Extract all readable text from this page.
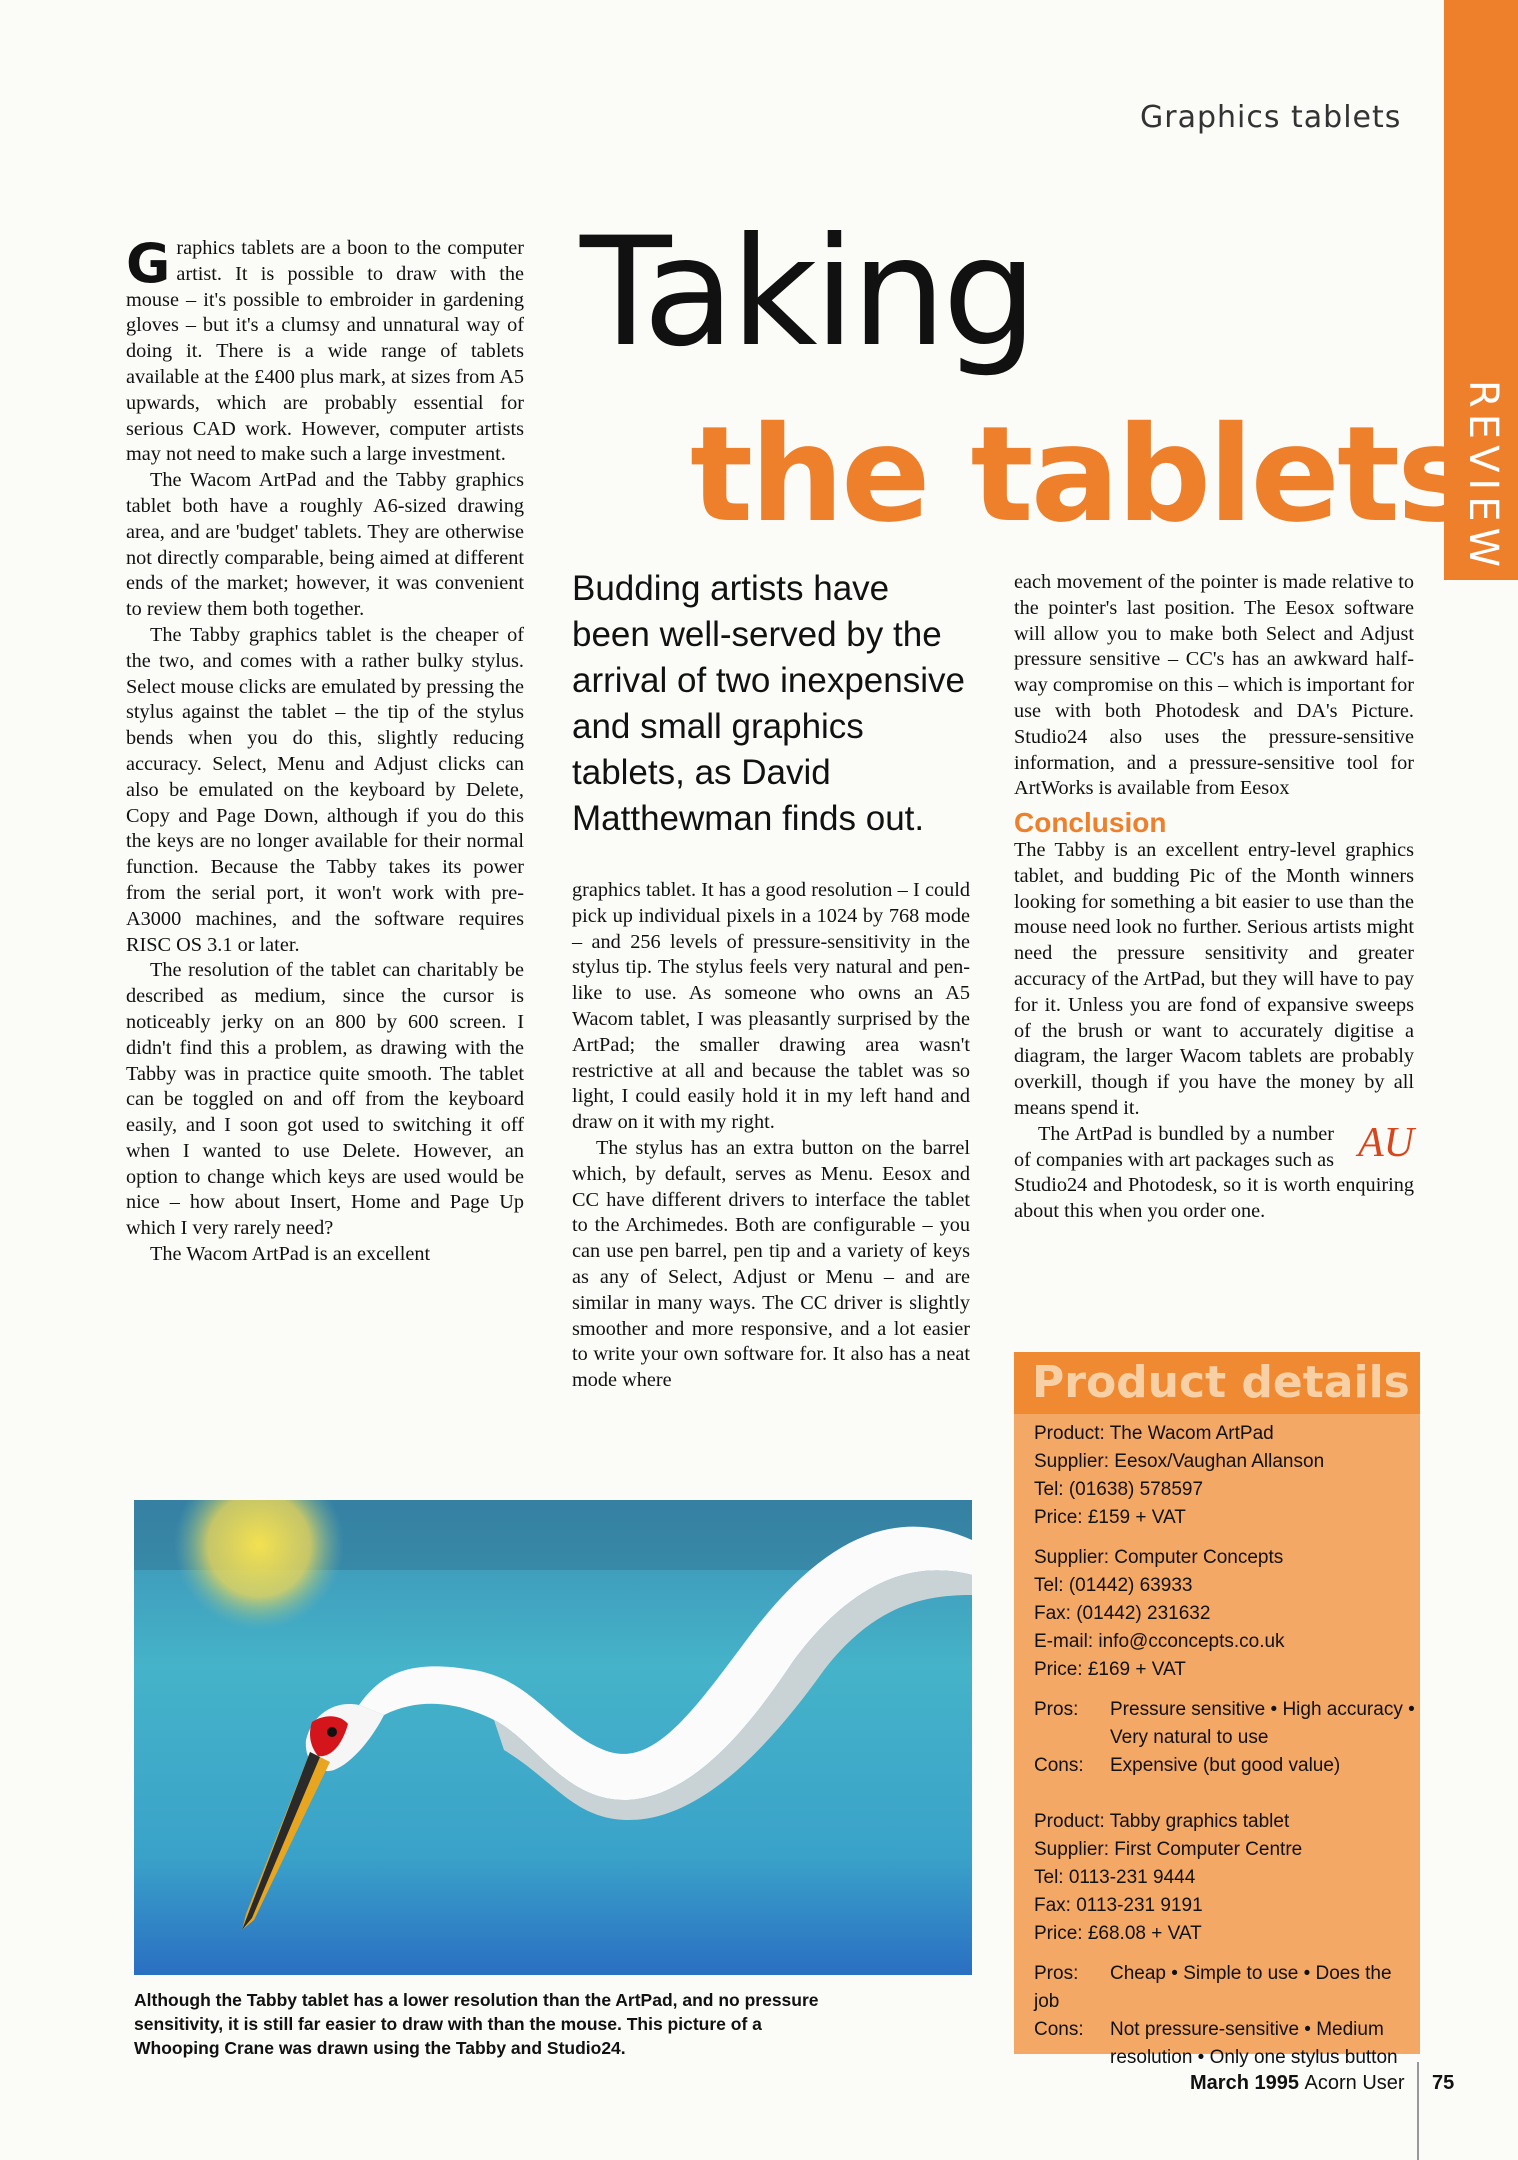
Graphics tablets
REVIEW
Taking
the tablets
Budding artists have been well-served by the arrival of two inexpensive and small graphics tablets, as David Matthewman finds out.

Graphics tablets are a boon to the computer artist. It is possible to draw with the mouse – it's possible to embroider in gardening gloves – but it's a clumsy and unnatural way of doing it. There is a wide range of tablets available at the £400 plus mark, at sizes from A5 upwards, which are probably essential for serious CAD work. However, computer artists may not need to make such a large investment.

The Wacom ArtPad and the Tabby graphics tablet both have a roughly A6-sized drawing area, and are 'budget' tablets. They are otherwise not directly comparable, being aimed at different ends of the market; however, it was convenient to review them both together.

The Tabby graphics tablet is the cheaper of the two, and comes with a rather bulky stylus. Select mouse clicks are emulated by pressing the stylus against the tablet – the tip of the stylus bends when you do this, slightly reducing accuracy. Select, Menu and Adjust clicks can also be emulated on the keyboard by Delete, Copy and Page Down, although if you do this the keys are no longer available for their normal function. Because the Tabby takes its power from the serial port, it won't work with pre-A3000 machines, and the software requires RISC OS 3.1 or later.

The resolution of the tablet can charitably be described as medium, since the cursor is noticeably jerky on an 800 by 600 screen. I didn't find this a problem, as drawing with the Tabby was in practice quite smooth. The tablet can be toggled on and off from the keyboard easily, and I soon got used to switching it off when I wanted to use Delete. However, an option to change which keys are used would be nice – how about Insert, Home and Page Up which I very rarely need?

The Wacom ArtPad is an excellent

graphics tablet. It has a good resolution – I could pick up individual pixels in a 1024 by 768 mode – and 256 levels of pressure-sensitivity in the stylus tip. The stylus feels very natural and pen-like to use. As someone who owns an A5 Wacom tablet, I was pleasantly surprised by the ArtPad; the smaller drawing area wasn't restrictive at all and because the tablet was so light, I could easily hold it in my left hand and draw on it with my right.

The stylus has an extra button on the barrel which, by default, serves as Menu. Eesox and CC have different drivers to interface the tablet to the Archimedes. Both are configurable – you can use pen barrel, pen tip and a variety of keys as any of Select, Adjust or Menu – and are similar in many ways. The CC driver is slightly smoother and more responsive, and a lot easier to write your own software for. It also has a neat mode where

each movement of the pointer is made relative to the pointer's last position. The Eesox software will allow you to make both Select and Adjust pressure sensitive – CC's has an awkward half-way compromise on this – which is important for use with both Photodesk and DA's Picture. Studio24 also uses the pressure-sensitive information, and a pressure-sensitive tool for ArtWorks is available from Eesox

Conclusion

The Tabby is an excellent entry-level graphics tablet, and budding Pic of the Month winners looking for something a bit easier to use than the mouse need look no further. Serious artists might need the pressure sensitivity and greater accuracy of the ArtPad, but they will have to pay for it. Unless you are fond of expansive sweeps of the brush or want to accurately digitise a diagram, the larger Wacom tablets are probably overkill, though if you have the money by all means spend it.

AU
The ArtPad is bundled by a number of companies with art packages such as Studio24 and Photodesk, so it is worth enquiring about this when you order one.

Product details
Product: The Wacom ArtPad
Supplier: Eesox/Vaughan Allanson
Tel: (01638) 578597
Price: £159 + VAT
Supplier: Computer Concepts
Tel: (01442) 63933
Fax: (01442) 231632
E-mail: info@cconcepts.co.uk
Price: £169 + VAT
Pros: Pressure sensitive • High accuracy •
Very natural to use
Cons: Expensive (but good value)
Product: Tabby graphics tablet
Supplier: First Computer Centre
Tel: 0113-231 9444
Fax: 0113-231 9191
Price: £68.08 + VAT
Pros: Cheap • Simple to use • Does the job
Cons: Not pressure-sensitive • Medium
resolution • Only one stylus button
Although the Tabby tablet has a lower resolution than the ArtPad, and no pressure sensitivity, it is still far easier to draw with than the mouse. This picture of a Whooping Crane was drawn using the Tabby and Studio24.
March 1995 Acorn User 75
